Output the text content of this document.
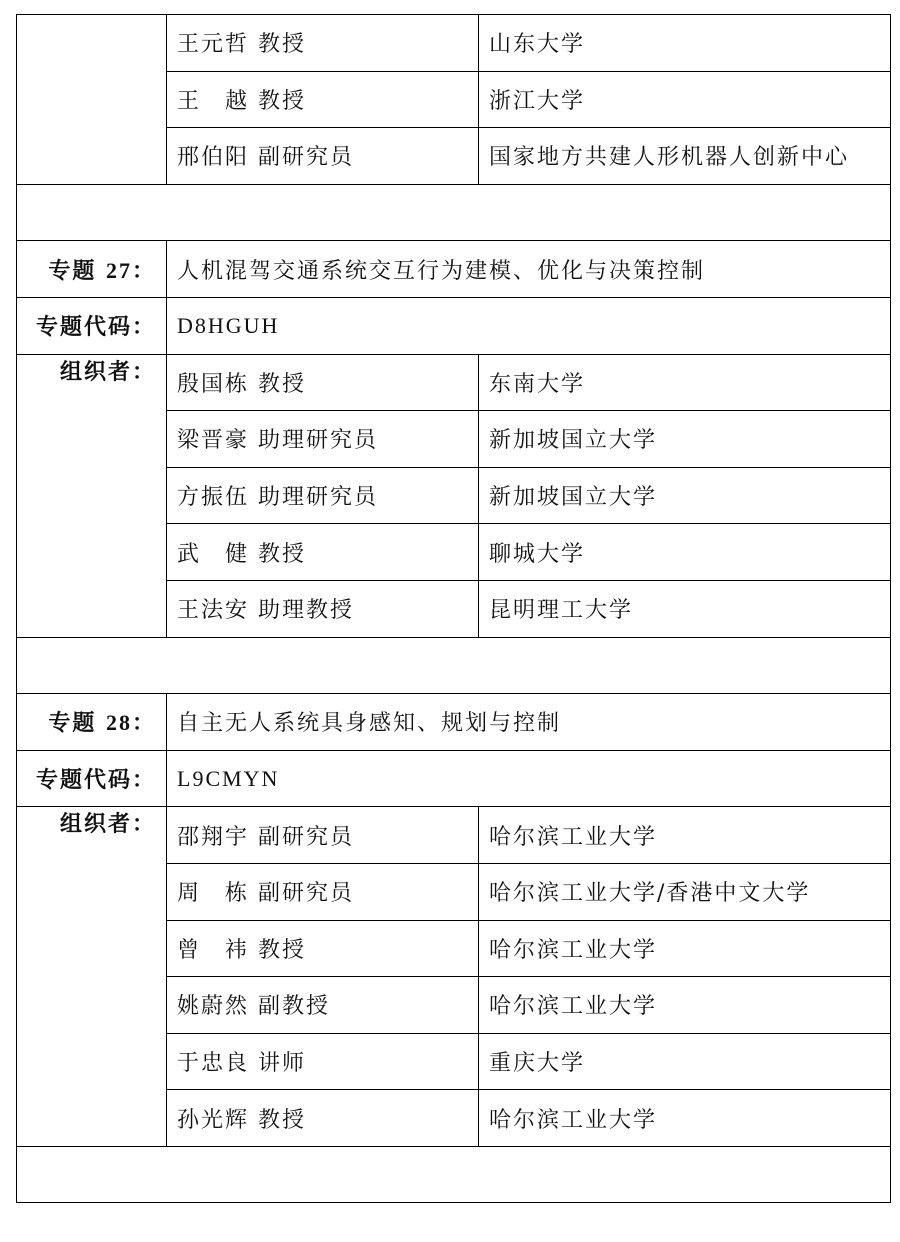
	王元哲 教授	山东大学
	王　越 教授	浙江大学
	邢伯阳 副研究员	国家地方共建人形机器人创新中心

专题 27：	人机混驾交通系统交互行为建模、优化与决策控制	
专题代码：	D8HGUH	
组织者：	殷国栋 教授	东南大学
	梁晋豪 助理研究员	新加坡国立大学
	方振伍 助理研究员	新加坡国立大学
	武　健 教授	聊城大学
	王法安 助理教授	昆明理工大学

专题 28：	自主无人系统具身感知、规划与控制	
专题代码：	L9CMYN	
组织者：	邵翔宇 副研究员	哈尔滨工业大学
	周　栋 副研究员	哈尔滨工业大学/香港中文大学
	曾　祎 教授	哈尔滨工业大学
	姚蔚然 副教授	哈尔滨工业大学
	于忠良 讲师	重庆大学
	孙光辉 教授	哈尔滨工业大学
